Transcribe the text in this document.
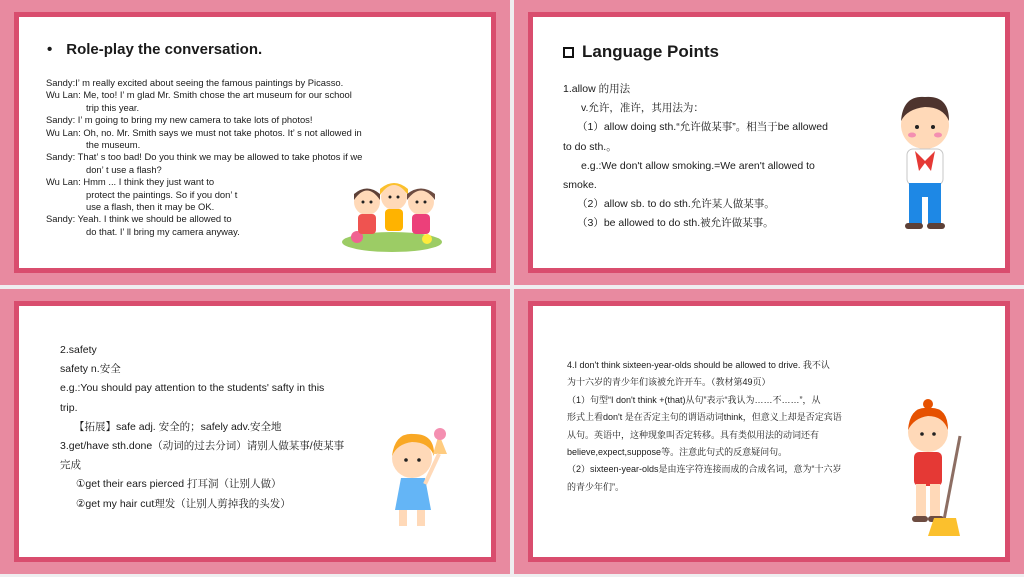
• Role-play the conversation.
Sandy:I’ m really excited about seeing the famous paintings by Picasso.
Wu Lan: Me, too! I’ m glad Mr. Smith chose the art museum for our school
trip this year.
Sandy: I’ m going to bring my new camera to take lots of photos!
Wu Lan: Oh, no. Mr. Smith says we must not take photos. It’ s not allowed in
the museum.
Sandy: That’ s too bad! Do you think we may be allowed to take photos if we
don’ t use a flash?
Wu Lan: Hmm ... I think they just want to
protect the paintings. So if you don’ t
use a flash, then it may be OK.
Sandy: Yeah. I think we should be allowed to
do that. I’ ll bring my camera anyway.
Language Points
1.allow 的用法
v.允许，准许，其用法为：
（1）allow doing sth.“允许做某事”。相当于be allowed
to do sth.。
e.g.:We don't allow smoking.=We aren't allowed to
smoke.
（2）allow sb. to do sth.允许某人做某事。
（3）be allowed to do sth.被允许做某事。
2.safety
safety n.安全
e.g.:You should pay attention to the students' safty in this
trip.
【拓展】safe adj. 安全的；safely adv.安全地
3.get/have sth.done（动词的过去分词）请别人做某事/使某事
完成
①get their ears pierced 打耳洞（让别人做）
②get my hair cut理发（让别人剪掉我的头发）
4.I don't think sixteen-year-olds should be allowed to drive. 我不认
为十六岁的青少年们该被允许开车。（教材第49页）
（1）句型“I don't think +(that)从句”表示“我认为……不……”，从
形式上看don't 是在否定主句的谓语动词think，但意义上却是否定宾语
从句。英语中，这种现象叫否定转移。具有类似用法的动词还有
believe,expect,suppose等。注意此句式的反意疑问句。
（2）sixteen-year-olds是由连字符连接而成的合成名词，意为“十六岁
的青少年们”。
